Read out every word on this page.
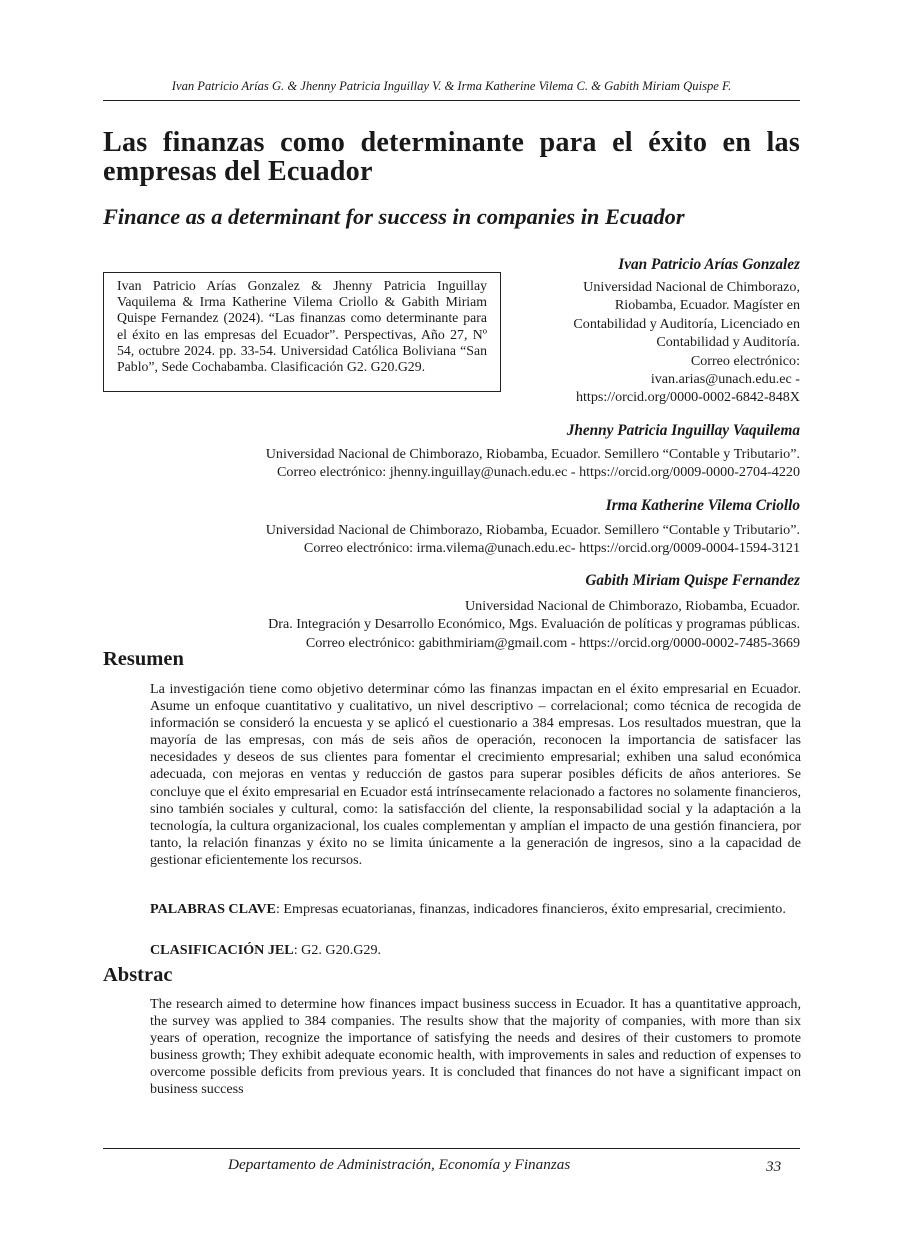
Ivan Patricio Arías G. & Jhenny Patricia Inguillay V. & Irma Katherine Vilema C. & Gabith Miriam Quispe F.
Las finanzas como determinante para el éxito en las empresas del Ecuador
Finance as a determinant for success in companies in Ecuador
Ivan Patricio Arías Gonzalez & Jhenny Patricia Inguillay Vaquilema & Irma Katherine Vilema Criollo & Gabith Miriam Quispe Fernandez (2024). “Las finanzas como determinante para el éxito en las empresas del Ecuador”. Perspectivas, Año 27, Nº 54, octubre 2024. pp. 33-54. Universidad Católica Boliviana “San Pablo”, Sede Cochabamba. Clasificación G2. G20.G29.
Ivan Patricio Arías Gonzalez
Universidad Nacional de Chimborazo,
Riobamba, Ecuador. Magíster en
Contabilidad y Auditoría, Licenciado en
Contabilidad y Auditoría.
Correo electrónico:
ivan.arias@unach.edu.ec -
https://orcid.org/0000-0002-6842-848X
Jhenny Patricia Inguillay Vaquilema
Universidad Nacional de Chimborazo, Riobamba, Ecuador. Semillero “Contable y Tributario”.
Correo electrónico: jhenny.inguillay@unach.edu.ec - https://orcid.org/0009-0000-2704-4220
Irma Katherine Vilema Criollo
Universidad Nacional de Chimborazo, Riobamba, Ecuador. Semillero “Contable y Tributario”.
Correo electrónico: irma.vilema@unach.edu.ec- https://orcid.org/0009-0004-1594-3121
Gabith Miriam Quispe Fernandez
Universidad Nacional de Chimborazo, Riobamba, Ecuador.
Dra. Integración y Desarrollo Económico, Mgs. Evaluación de políticas y programas públicas.
Correo electrónico: gabithmiriam@gmail.com - https://orcid.org/0000-0002-7485-3669
Resumen

La investigación tiene como objetivo determinar cómo las finanzas impactan en el éxito empresarial en Ecuador. Asume un enfoque cuantitativo y cualitativo, un nivel descriptivo – correlacional; como técnica de recogida de información se consideró la encuesta y se aplicó el cuestionario a 384 empresas. Los resultados muestran, que la mayoría de las empresas, con más de seis años de operación, reconocen la importancia de satisfacer las necesidades y deseos de sus clientes para fomentar el crecimiento empresarial; exhiben una salud económica adecuada, con mejoras en ventas y reducción de gastos para superar posibles déficits de años anteriores. Se concluye que el éxito empresarial en Ecuador está intrínsecamente relacionado a factores no solamente financieros, sino también sociales y cultural, como: la satisfacción del cliente, la responsabilidad social y la adaptación a la tecnología, la cultura organizacional, los cuales complementan y amplían el impacto de una gestión financiera, por tanto, la relación finanzas y éxito no se limita únicamente a la generación de ingresos, sino a la capacidad de gestionar eficientemente los recursos.

PALABRAS CLAVE: Empresas ecuatorianas, finanzas, indicadores financieros, éxito empresarial, crecimiento.
CLASIFICACIÓN JEL: G2. G20.G29.
Abstrac

The research aimed to determine how finances impact business success in Ecuador. It has a quantitative approach, the survey was applied to 384 companies. The results show that the majority of companies, with more than six years of operation, recognize the importance of satisfying the needs and desires of their customers to promote business growth; They exhibit adequate economic health, with improvements in sales and reduction of expenses to overcome possible deficits from previous years. It is concluded that finances do not have a significant impact on business success

Departamento de Administración, Economía y Finanzas	33
